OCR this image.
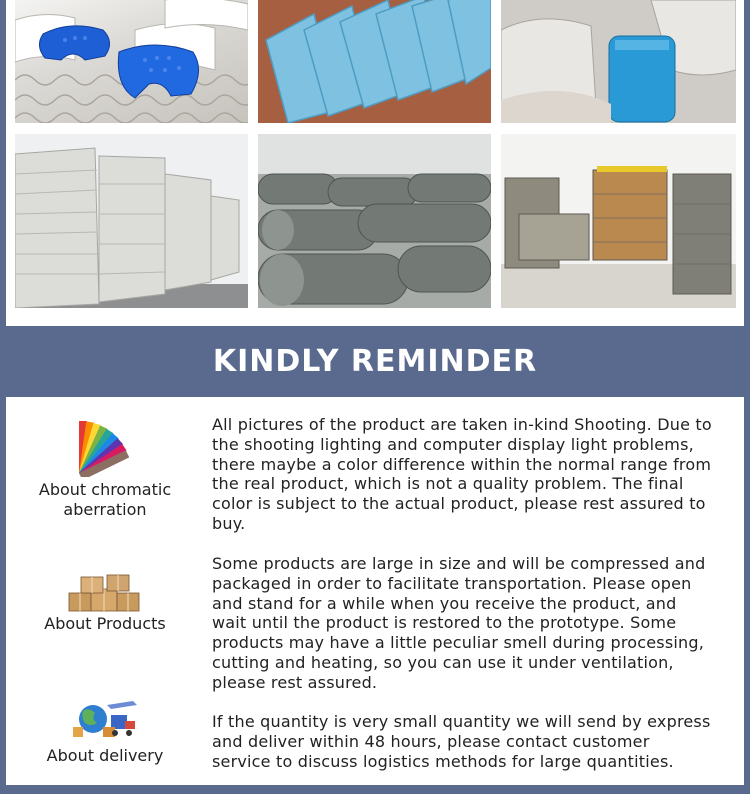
KINDLY REMINDER
About chromatic aberration
All pictures of the product are taken in-kind Shooting. Due to the shooting lighting and computer display light problems, there maybe a color difference within the normal range from the real product, which is not a quality problem. The final color is subject to the actual product, please rest assured to buy.
About Products
Some products are large in size and will be compressed and packaged in order to facilitate transportation. Please open and stand for a while when you receive the product, and wait until the product is restored to the prototype. Some products may have a little peculiar smell during processing, cutting and heating, so you can use it under ventilation, please rest assured.
About delivery
If the quantity is very small quantity we will send by express and deliver within 48 hours, please contact customer service to discuss logistics methods for large quantities.
